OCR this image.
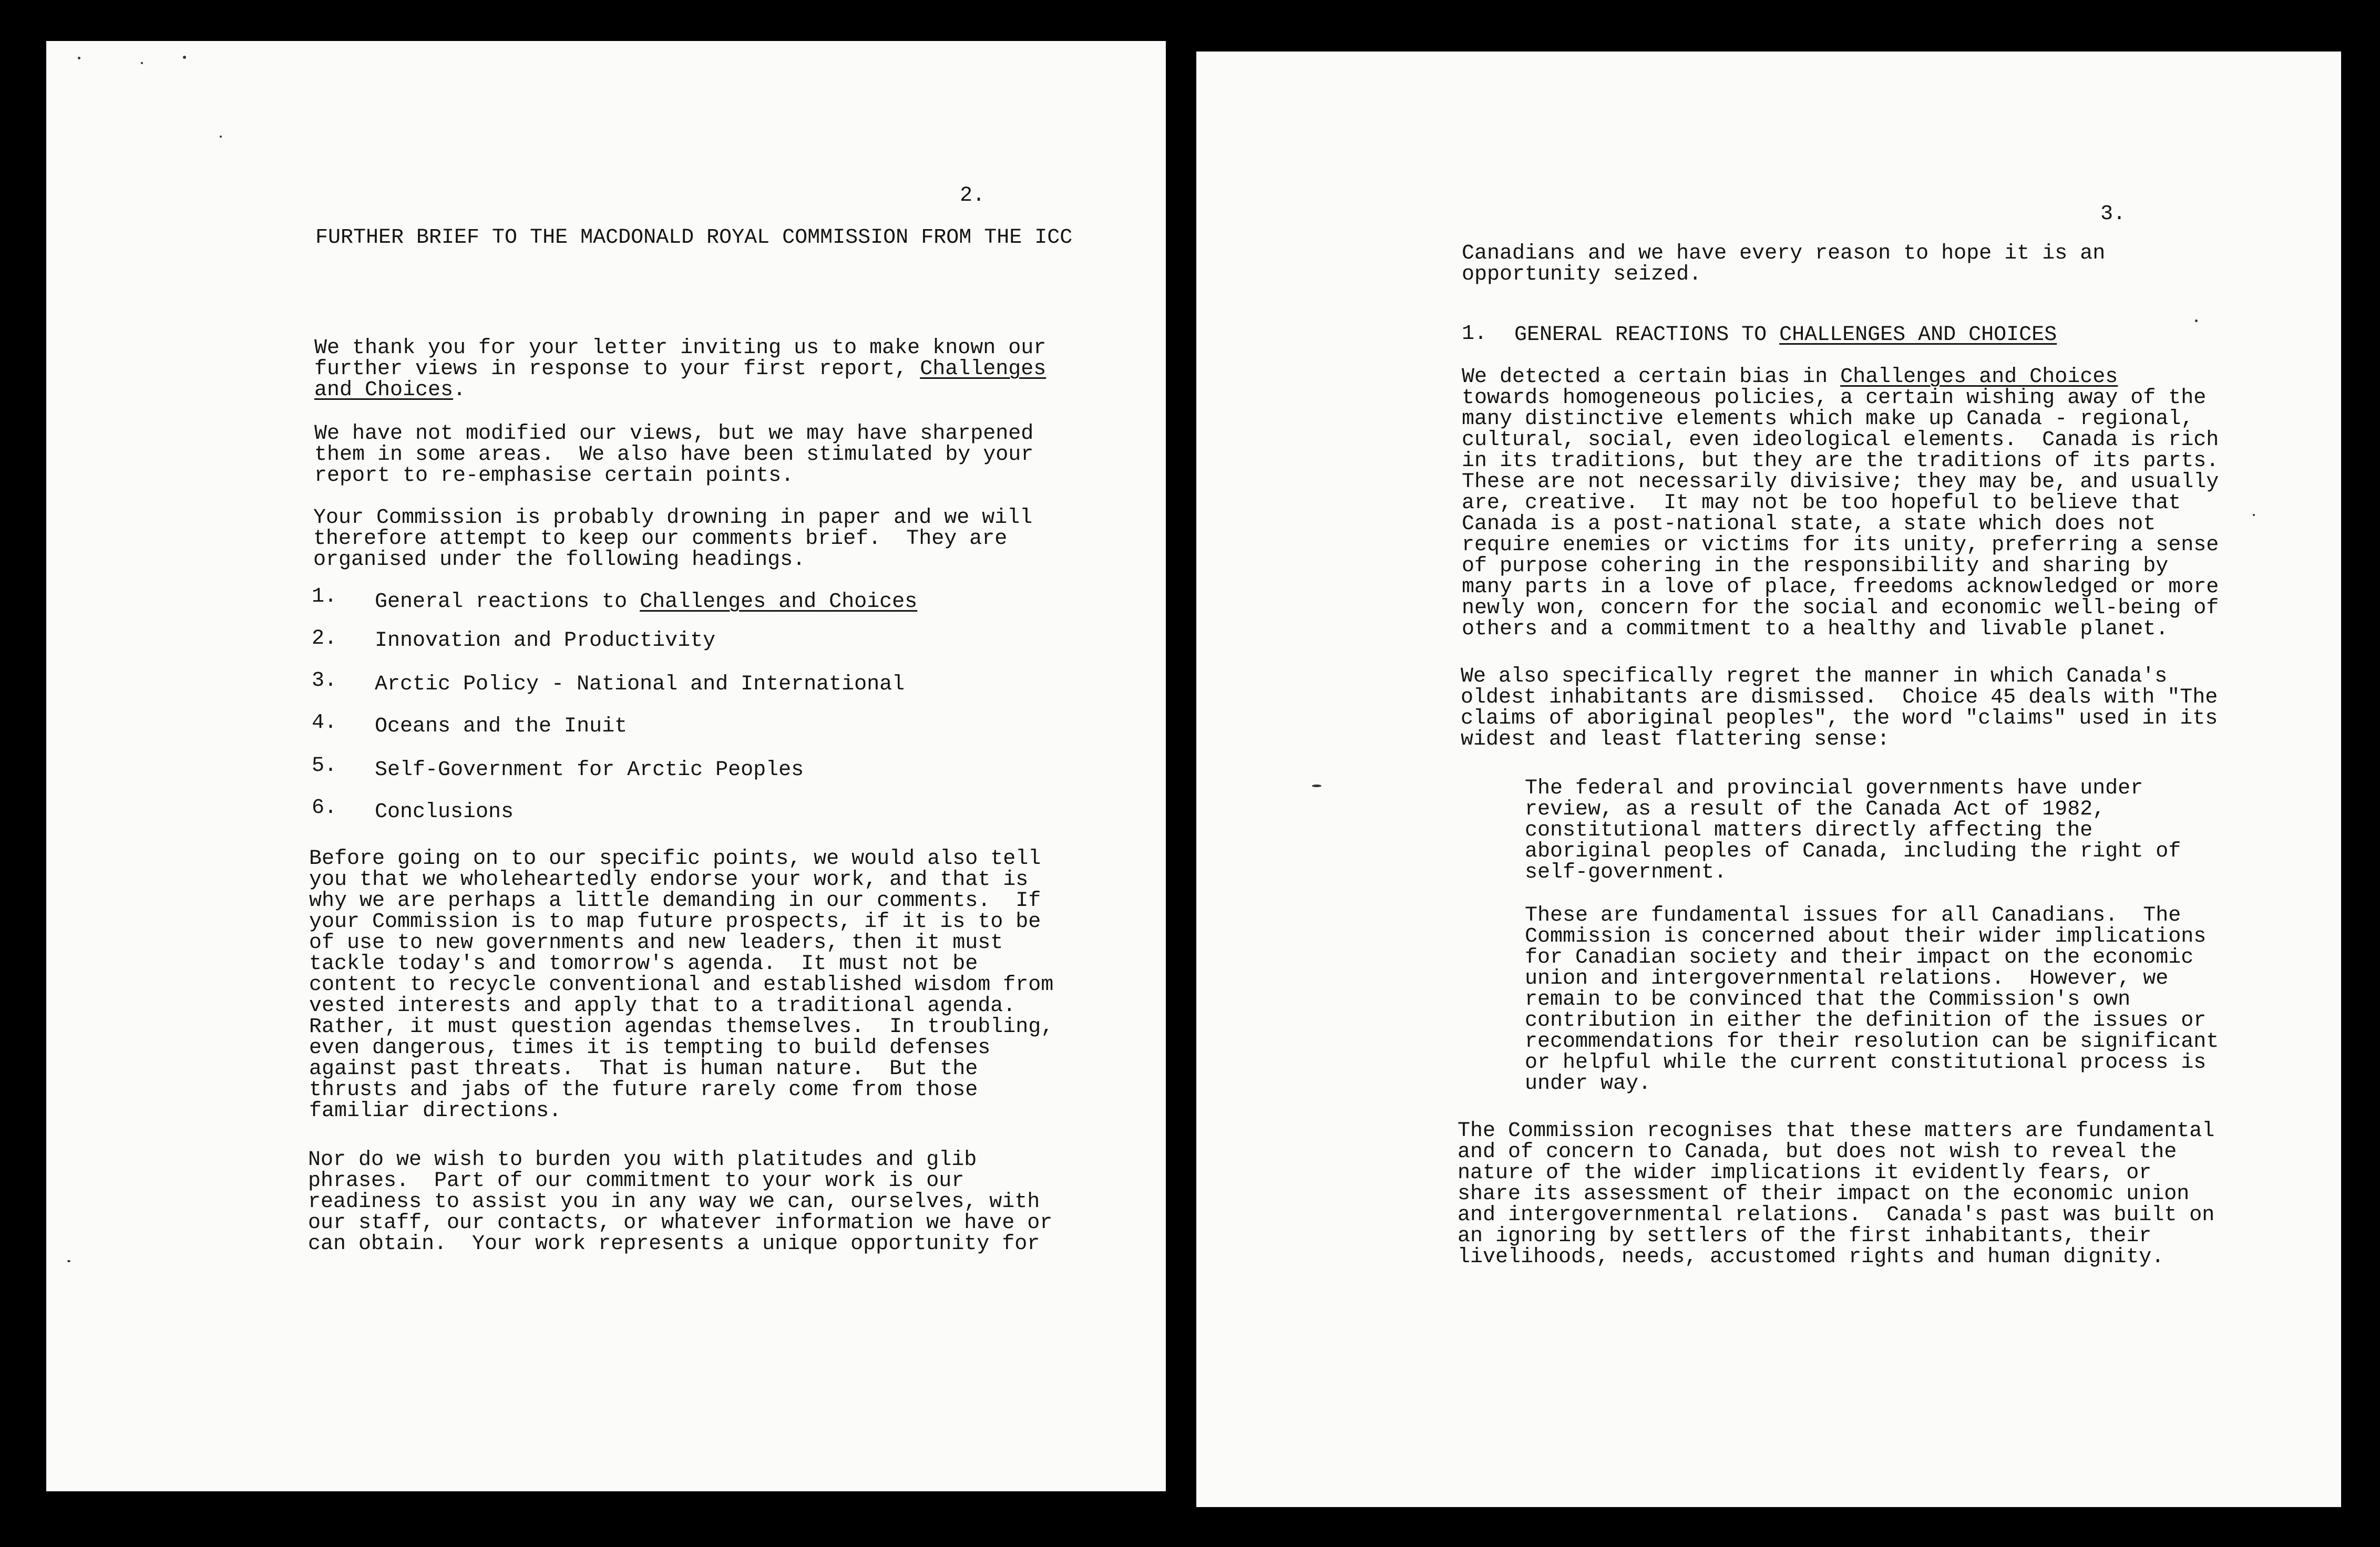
2.
FURTHER BRIEF TO THE MACDONALD ROYAL COMMISSION FROM THE ICC
We thank you for your letter inviting us to make known our
further views in response to your first report, Challenges
and Choices.
We have not modified our views, but we may have sharpened
them in some areas.  We also have been stimulated by your
report to re-emphasise certain points.
Your Commission is probably drowning in paper and we will
therefore attempt to keep our comments brief.  They are
organised under the following headings.
1. General reactions to Challenges and Choices
2. Innovation and Productivity
3. Arctic Policy - National and International
4. Oceans and the Inuit
5. Self-Government for Arctic Peoples
6. Conclusions
Before going on to our specific points, we would also tell
you that we wholeheartedly endorse your work, and that is
why we are perhaps a little demanding in our comments.  If
your Commission is to map future prospects, if it is to be
of use to new governments and new leaders, then it must
tackle today's and tomorrow's agenda.  It must not be
content to recycle conventional and established wisdom from
vested interests and apply that to a traditional agenda.
Rather, it must question agendas themselves.  In troubling,
even dangerous, times it is tempting to build defenses
against past threats.  That is human nature.  But the
thrusts and jabs of the future rarely come from those
familiar directions.
Nor do we wish to burden you with platitudes and glib
phrases.  Part of our commitment to your work is our
readiness to assist you in any way we can, ourselves, with
our staff, our contacts, or whatever information we have or
can obtain.  Your work represents a unique opportunity for
3.
Canadians and we have every reason to hope it is an
opportunity seized.
1. GENERAL REACTIONS TO CHALLENGES AND CHOICES
We detected a certain bias in Challenges and Choices
towards homogeneous policies, a certain wishing away of the
many distinctive elements which make up Canada - regional,
cultural, social, even ideological elements.  Canada is rich
in its traditions, but they are the traditions of its parts.
These are not necessarily divisive; they may be, and usually
are, creative.  It may not be too hopeful to believe that
Canada is a post-national state, a state which does not
require enemies or victims for its unity, preferring a sense
of purpose cohering in the responsibility and sharing by
many parts in a love of place, freedoms acknowledged or more
newly won, concern for the social and economic well-being of
others and a commitment to a healthy and livable planet.
We also specifically regret the manner in which Canada's
oldest inhabitants are dismissed.  Choice 45 deals with "The
claims of aboriginal peoples", the word "claims" used in its
widest and least flattering sense:
The federal and provincial governments have under
review, as a result of the Canada Act of 1982,
constitutional matters directly affecting the
aboriginal peoples of Canada, including the right of
self-government.
These are fundamental issues for all Canadians.  The
Commission is concerned about their wider implications
for Canadian society and their impact on the economic
union and intergovernmental relations.  However, we
remain to be convinced that the Commission's own
contribution in either the definition of the issues or
recommendations for their resolution can be significant
or helpful while the current constitutional process is
under way.
The Commission recognises that these matters are fundamental
and of concern to Canada, but does not wish to reveal the
nature of the wider implications it evidently fears, or
share its assessment of their impact on the economic union
and intergovernmental relations.  Canada's past was built on
an ignoring by settlers of the first inhabitants, their
livelihoods, needs, accustomed rights and human dignity.
